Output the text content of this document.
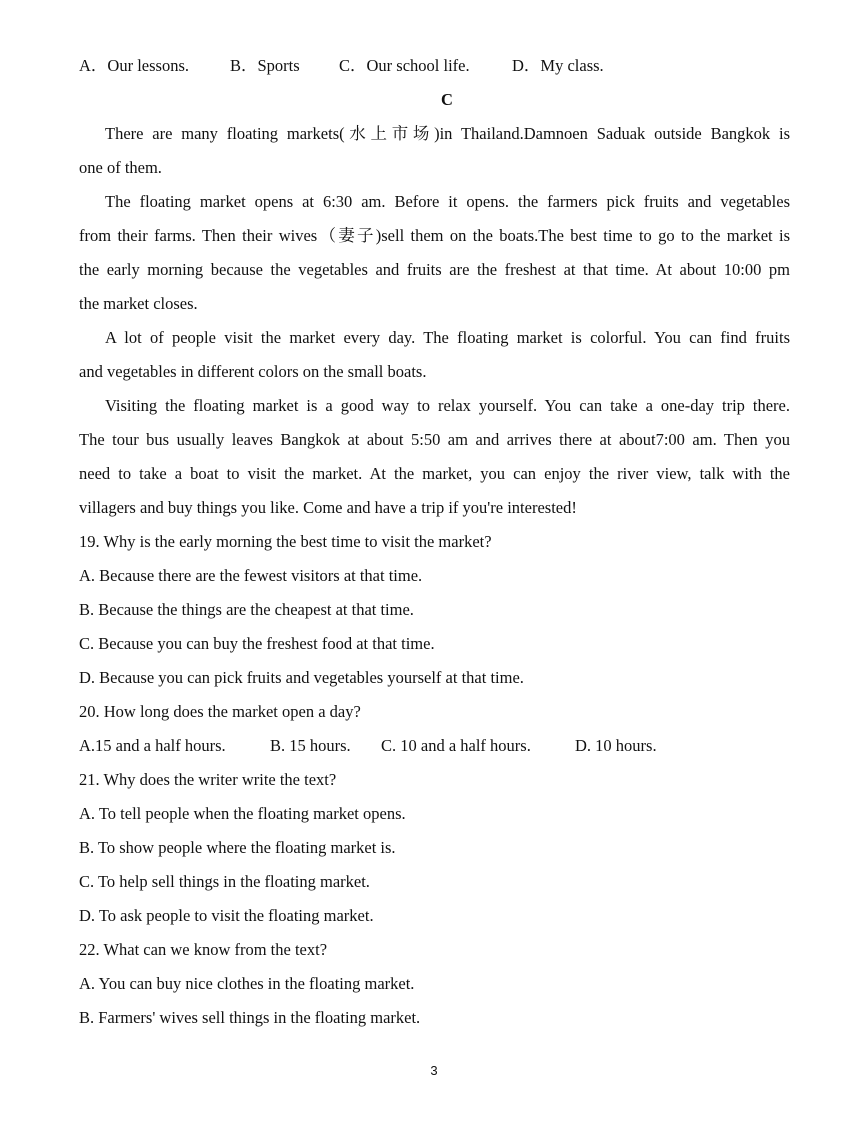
A．Our lessons. B．Sports C．Our school life.	D．My class.
C
There are many floating markets(水上市场)in Thailand.Damnoen Saduak outside Bangkok is
one of them.
The floating market opens at 6:30 am. Before it opens. the farmers pick fruits and vegetables
from their farms. Then their wives（妻子)sell them on the boats.The best time to go to the market is
the early morning because the vegetables and fruits are the freshest at that time. At about 10:00 pm
the market closes.
A lot of people visit the market every day. The floating market is colorful. You can find fruits
and vegetables in different colors on the small boats.
Visiting the floating market is a good way to relax yourself. You can take a one-day trip there.
The tour bus usually leaves Bangkok at about 5:50 am and arrives there at about7:00 am. Then you
need to take a boat to visit the market. At the market, you can enjoy the river view, talk with the
villagers and buy things you like. Come and have a trip if you're interested!
19. Why is the early morning the best time to visit the market?
A. Because there are the fewest visitors at that time.
B. Because the things are the cheapest at that time.
C. Because you can buy the freshest food at that time.
D. Because you can pick fruits and vegetables yourself at that time.
20. How long does the market open a day?
A.15 and a half hours.	B. 15 hours. C. 10 and a half hours.	D. 10 hours.
21. Why does the writer write the text?
A. To tell people when the floating market opens.
B. To show people where the floating market is.
C. To help sell things in the floating market.
D. To ask people to visit the floating market.
22. What can we know from the text?
A. You can buy nice clothes in the floating market.
B. Farmers' wives sell things in the floating market.
3
